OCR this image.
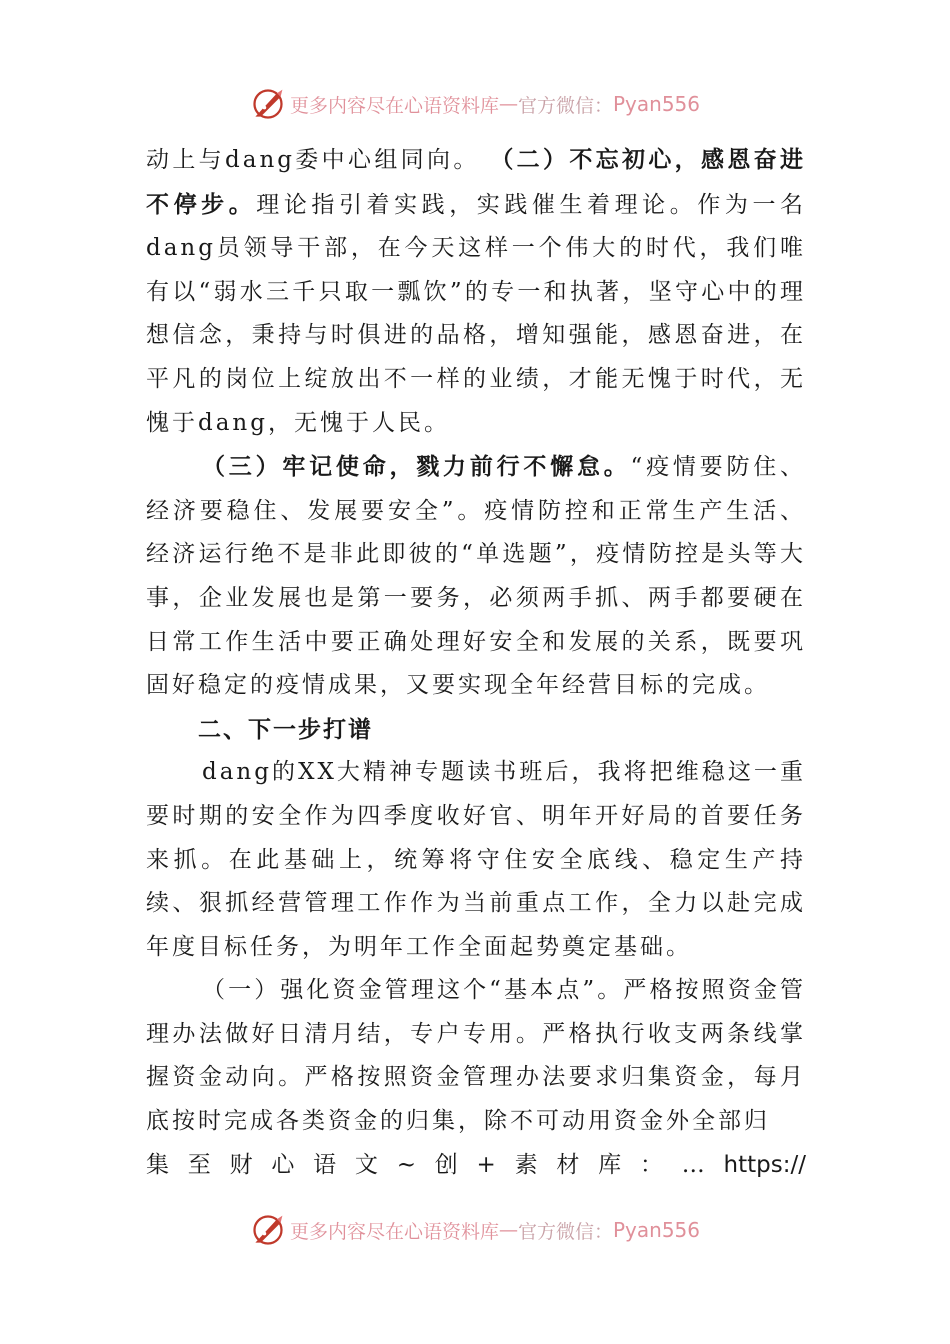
更多内容尽在心语资料库 — 官方微信： Pyan556

动上与dang委中心组同向。 （二）不忘初心，感恩奋进不停步。理论指引着实践，实践催生着理论。作为一名dang员领导干部，在今天这样一个伟大的时代，我们唯有以“弱水三千只取一瓢饮”的专一和执著，坚守心中的理想信念，秉持与时俱进的品格，增知强能，感恩奋进，在平凡的岗位上绽放出不一样的业绩，才能无愧于时代，无愧于dang，无愧于人民。

（三）牢记使命，戮力前行不懈怠。“疫情要防住、经济要稳住、发展要安全”。疫情防控和正常生产生活、经济运行绝不是非此即彼的“单选题”，疫情防控是头等大事，企业发展也是第一要务，必须两手抓、两手都要硬在日常工作生活中要正确处理好安全和发展的关系，既要巩固好稳定的疫情成果，又要实现全年经营目标的完成。

二、下一步打谱

dang的XX大精神专题读书班后，我将把维稳这一重要时期的安全作为四季度收好官、明年开好局的首要任务来抓。在此基础上，统筹将守住安全底线、稳定生产持续、狠抓经营管理工作作为当前重点工作，全力以赴完成年度目标任务，为明年工作全面起势奠定基础。

（一）强化资金管理这个“基本点”。严格按照资金管理办法做好日清月结，专户专用。严格执行收支两条线掌握资金动向。严格按照资金管理办法要求归集资金，每月底按时完成各类资金的归集，除不可动用资金外全部归

集 至 财 心 语 文 ~ 创 + 素 材 库 ： … https://
更多内容尽在心语资料库 — 官方微信： Pyan556
